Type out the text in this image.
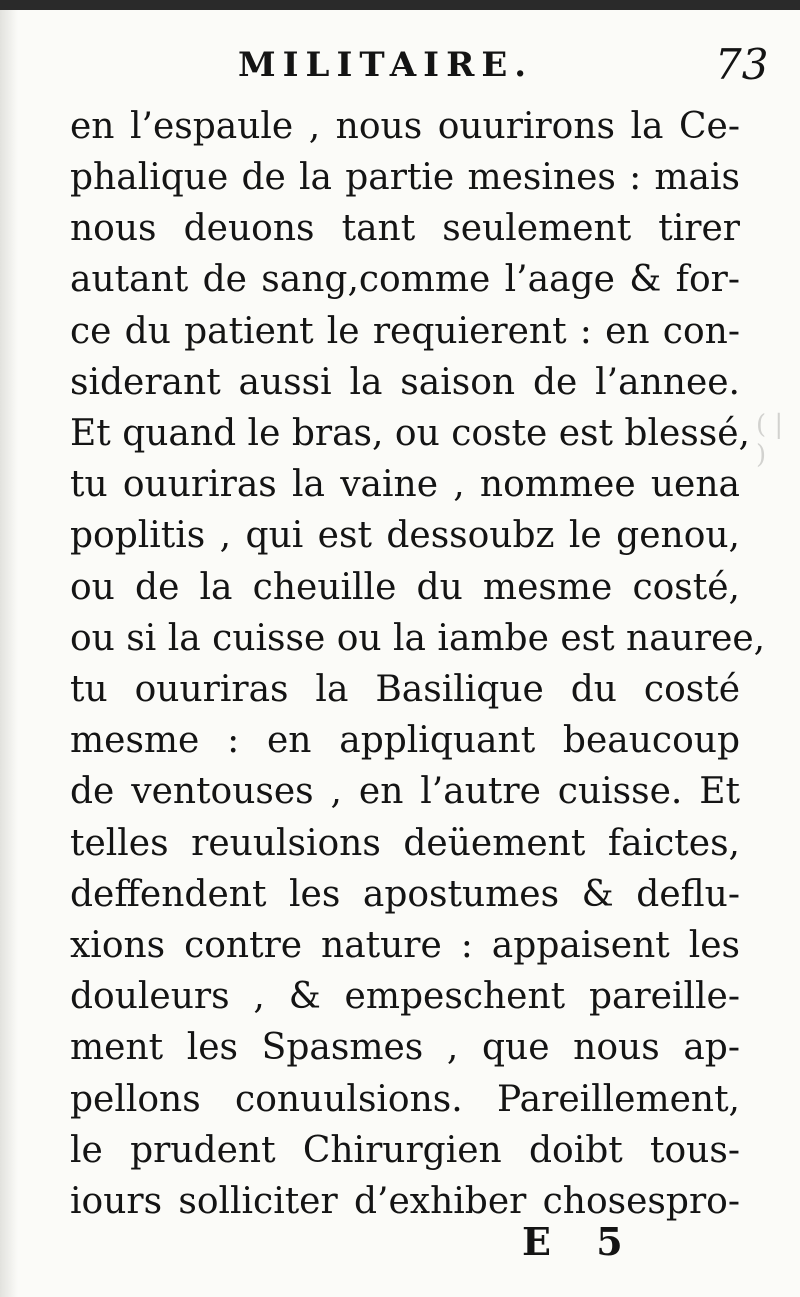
MILITAIRE.	73
en l’espaule , nous ouurirons la Ce-
phalique de la partie mesines : mais
nous deuons tant seulement tirer
autant de sang,comme l’aage & for-
ce du patient le requierent : en con-
siderant aussi la saison de l’annee.
Et quand le bras, ou coste est blessé,
tu ouuriras la vaine , nommee uena
poplitis , qui est dessoubz le genou,
ou de la cheuille du mesme costé,
ou si la cuisse ou la iambe est nauree,
tu ouuriras la Basilique du costé
mesme : en appliquant beaucoup
de ventouses , en l’autre cuisse. Et
telles reuulsions deüement faictes,
deffendent les apostumes & deflu-
xions contre nature : appaisent les
douleurs , & empeschent pareille-
ment les Spasmes , que nous ap-
pellons conuulsions. Pareillement,
le prudent Chirurgien doibt tous-
iours solliciter d’exhiber chosespro-
E 5
( | )
